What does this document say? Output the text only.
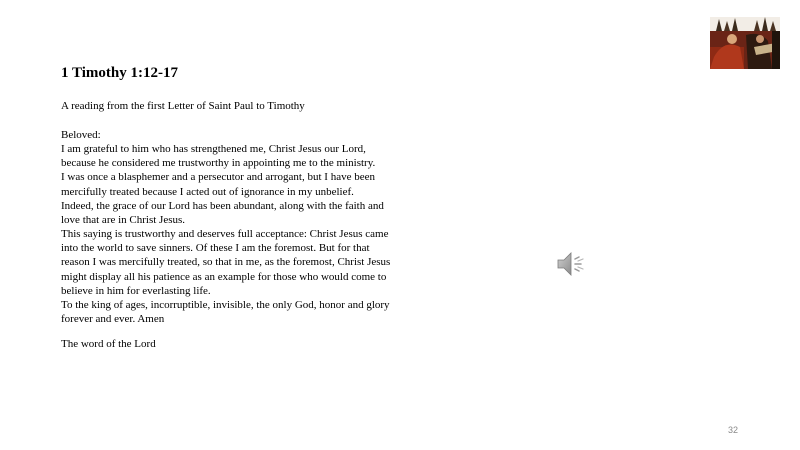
1 Timothy 1:12-17
A reading from the first Letter of Saint Paul to Timothy
Beloved:
I am grateful to him who has strengthened me, Christ Jesus our Lord,
because he considered me trustworthy in appointing me to the ministry.
I was once a blasphemer and a persecutor and arrogant, but I have been
mercifully treated because I acted out of ignorance in my unbelief.
Indeed, the grace of our Lord has been abundant, along with the faith and
love that are in Christ Jesus.
This saying is trustworthy and deserves full acceptance: Christ Jesus came
into the world to save sinners. Of these I am the foremost. But for that
reason I was mercifully treated, so that in me, as the foremost, Christ Jesus
might display all his patience as an example for those who would come to
believe in him for everlasting life.
To the king of ages, incorruptible, invisible, the only God, honor and glory
forever and ever. Amen
The word of the Lord
32
